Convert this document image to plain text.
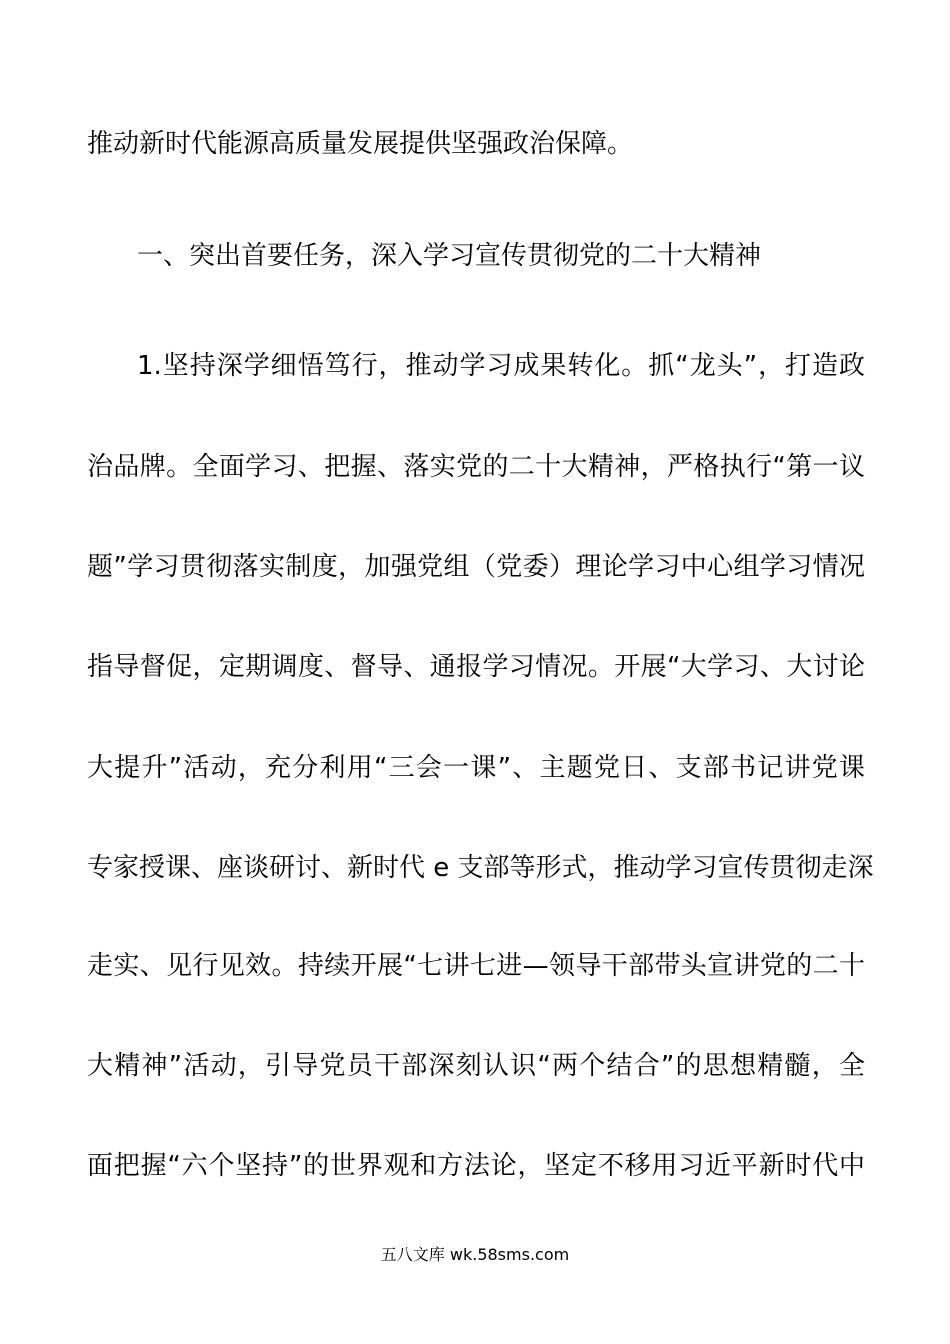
推动新时代能源高质量发展提供坚强政治保障。
一、突出首要任务，深入学习宣传贯彻党的二十大精神
1.坚持深学细悟笃行，推动学习成果转化。抓“龙头”，打造政
治品牌。全面学习、把握、落实党的二十大精神，严格执行“第一议
题”学习贯彻落实制度，加强党组（党委）理论学习中心组学习情况
指导督促，定期调度、督导、通报学习情况。开展“大学习、大讨论
大提升”活动，充分利用“三会一课”、主题党日、支部书记讲党课
专家授课、座谈研讨、新时代 e 支部等形式，推动学习宣传贯彻走深
走实、见行见效。持续开展“七讲七进—领导干部带头宣讲党的二十
大精神”活动，引导党员干部深刻认识“两个结合”的思想精髓，全
面把握“六个坚持”的世界观和方法论，坚定不移用习近平新时代中
五八文库 wk.58sms.com
